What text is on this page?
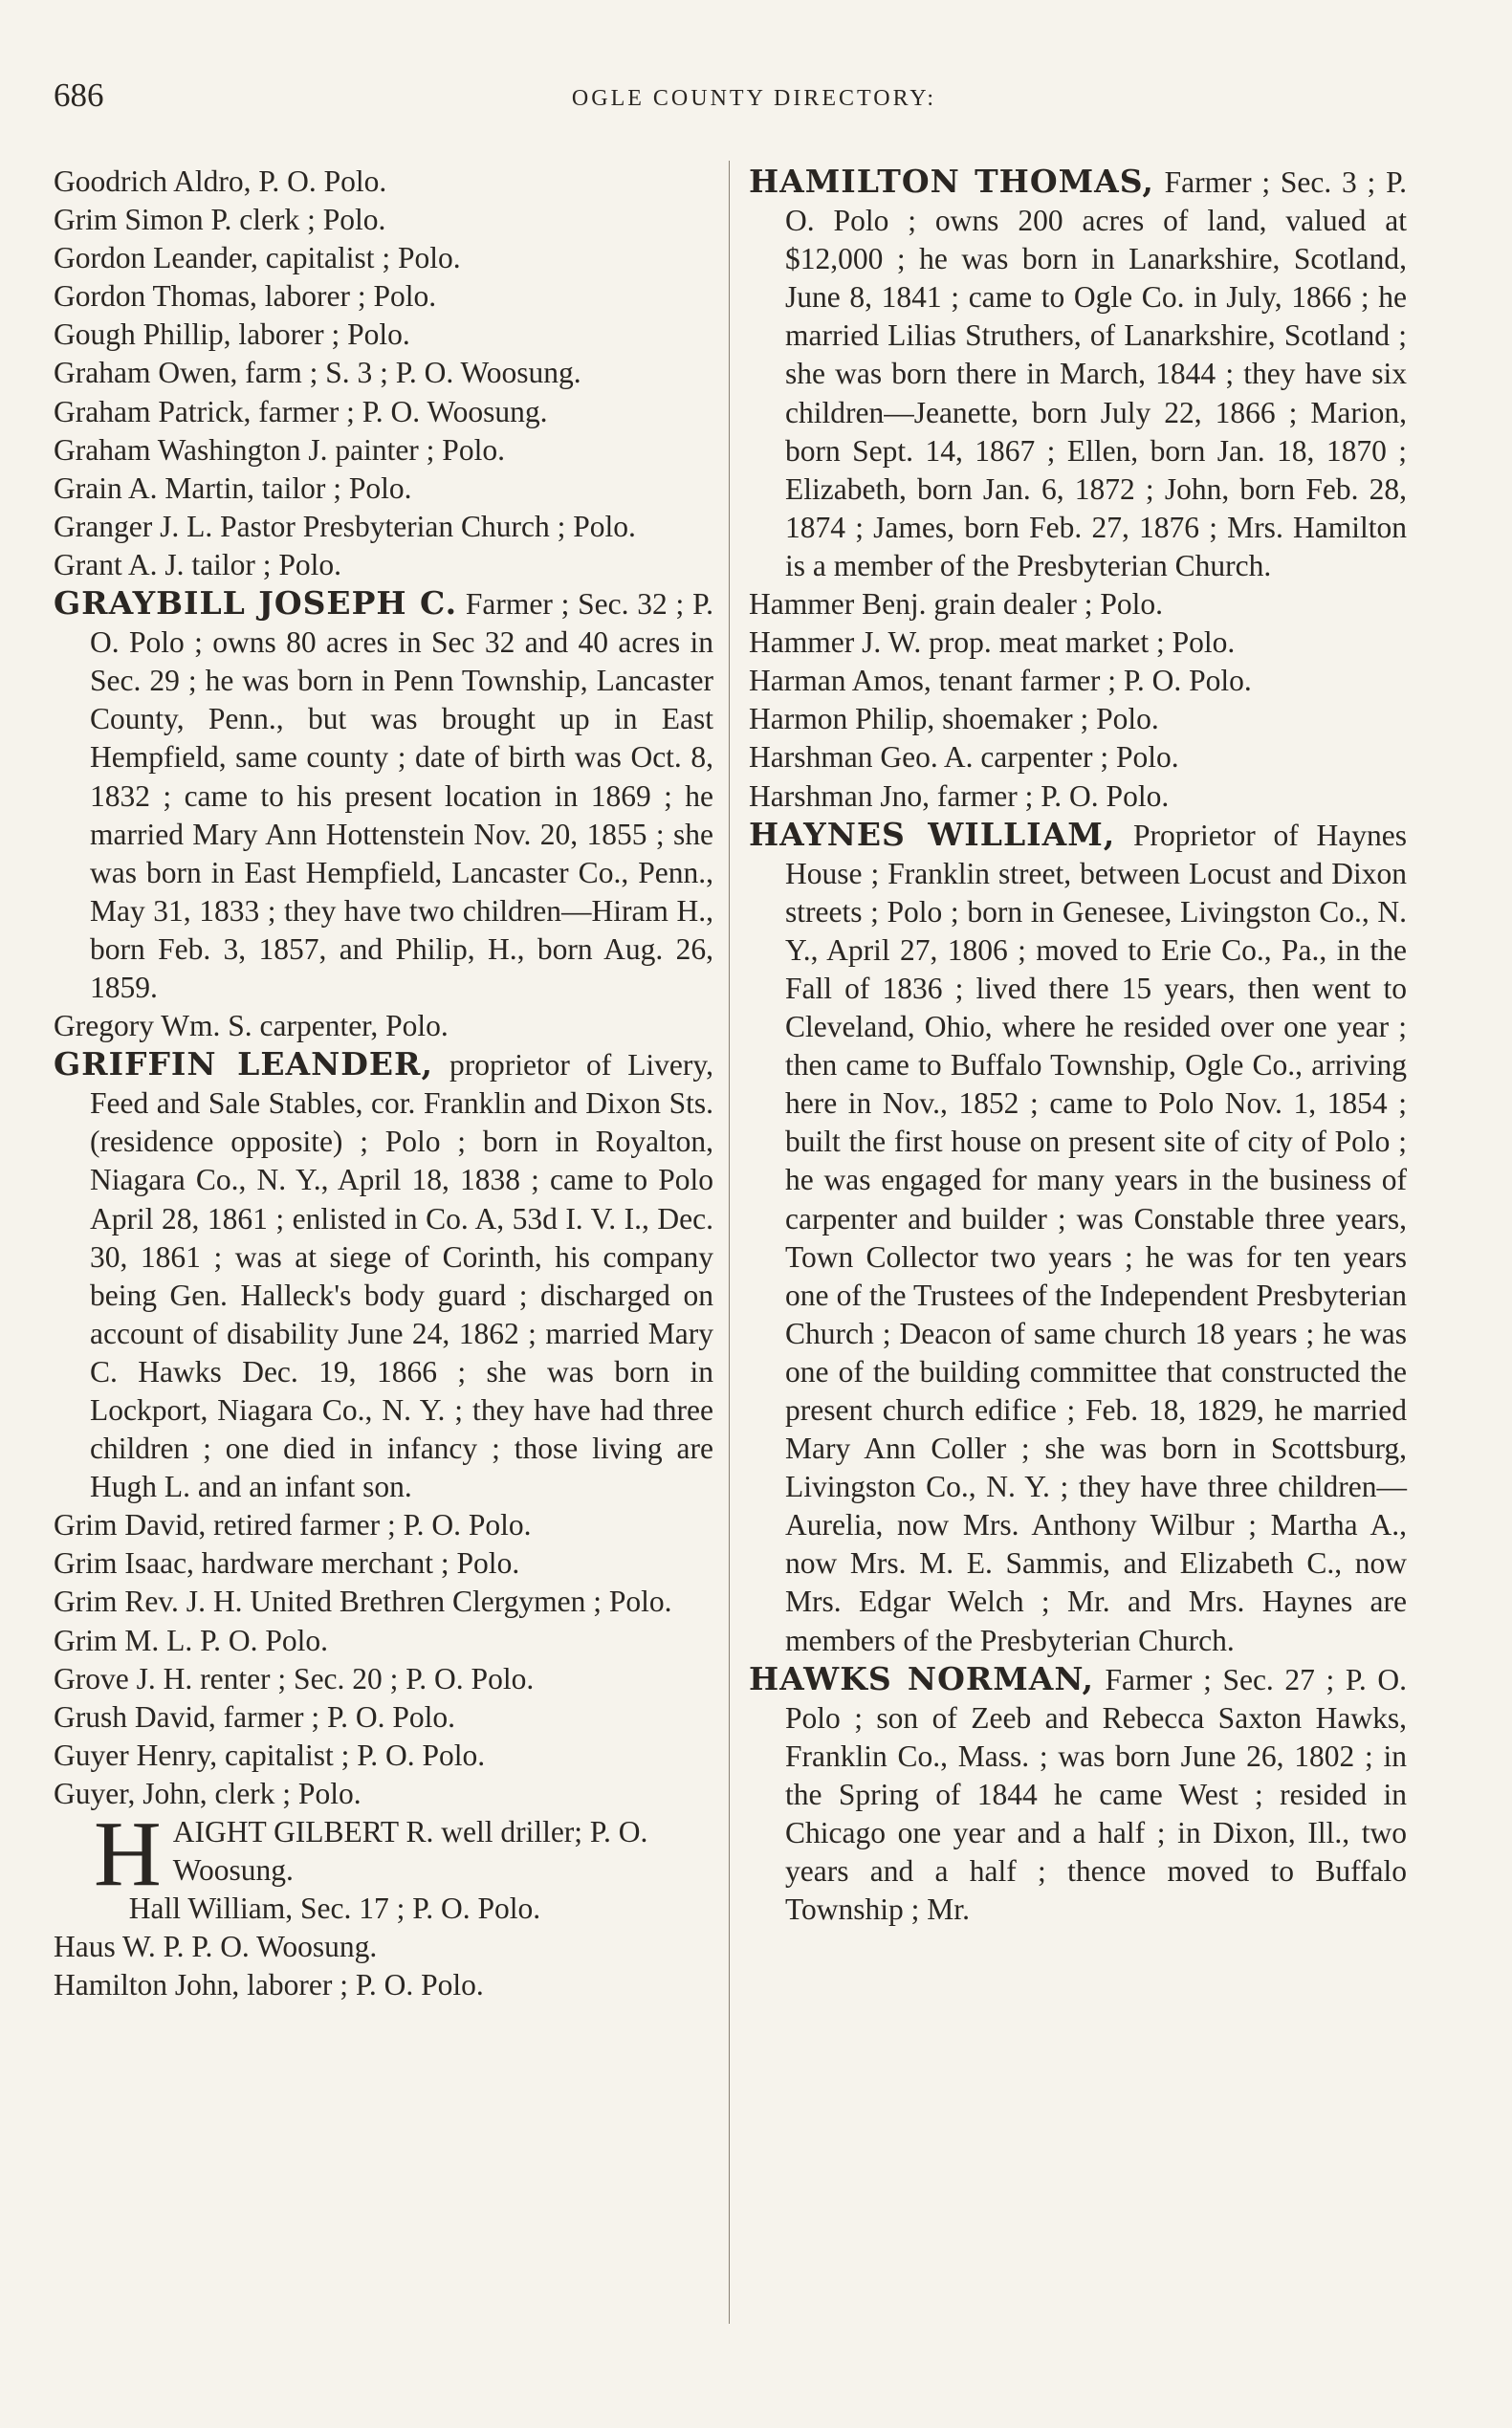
686	OGLE COUNTY DIRECTORY:

Goodrich Aldro, P. O. Polo.

Grim Simon P. clerk ; Polo.

Gordon Leander, capitalist ; Polo.

Gordon Thomas, laborer ; Polo.

Gough Phillip, laborer ; Polo.

Graham Owen, farm ; S. 3 ; P. O. Woosung.

Graham Patrick, farmer ; P. O. Woosung.

Graham Washington J. painter ; Polo.

Grain A. Martin, tailor ; Polo.

Granger J. L. Pastor Presbyterian Church ; Polo.

Grant A. J. tailor ; Polo.

GRAYBILL JOSEPH C. Farmer ; Sec. 32 ; P. O. Polo ; owns 80 acres in Sec 32 and 40 acres in Sec. 29 ; he was born in Penn Township, Lancaster County, Penn., but was brought up in East Hempfield, same county ; date of birth was Oct. 8, 1832 ; came to his present location in 1869 ; he married Mary Ann Hottenstein Nov. 20, 1855 ; she was born in East Hempfield, Lancaster Co., Penn., May 31, 1833 ; they have two children—Hiram H., born Feb. 3, 1857, and Philip, H., born Aug. 26, 1859.

Gregory Wm. S. carpenter, Polo.

GRIFFIN LEANDER, proprietor of Livery, Feed and Sale Stables, cor. Franklin and Dixon Sts. (residence opposite) ; Polo ; born in Royalton, Niagara Co., N. Y., April 18, 1838 ; came to Polo April 28, 1861 ; enlisted in Co. A, 53d I. V. I., Dec. 30, 1861 ; was at siege of Corinth, his company being Gen. Halleck's body guard ; discharged on account of disability June 24, 1862 ; married Mary C. Hawks Dec. 19, 1866 ; she was born in Lockport, Niagara Co., N. Y. ; they have had three children ; one died in infancy ; those living are Hugh L. and an infant son.

Grim David, retired farmer ; P. O. Polo.

Grim Isaac, hardware merchant ; Polo.

Grim Rev. J. H. United Brethren Clergymen ; Polo.

Grim M. L. P. O. Polo.

Grove J. H. renter ; Sec. 20 ; P. O. Polo.

Grush David, farmer ; P. O. Polo.

Guyer Henry, capitalist ; P. O. Polo.

Guyer, John, clerk ; Polo.

HAIGHT GILBERT R. well driller; P. O. Woosung.

Hall William, Sec. 17 ; P. O. Polo.

Haus W. P. P. O. Woosung.

Hamilton John, laborer ; P. O. Polo.

HAMILTON THOMAS, Farmer ; Sec. 3 ; P. O. Polo ; owns 200 acres of land, valued at $12,000 ; he was born in Lanarkshire, Scotland, June 8, 1841 ; came to Ogle Co. in July, 1866 ; he married Lilias Struthers, of Lanarkshire, Scotland ; she was born there in March, 1844 ; they have six children—Jeanette, born July 22, 1866 ; Marion, born Sept. 14, 1867 ; Ellen, born Jan. 18, 1870 ; Elizabeth, born Jan. 6, 1872 ; John, born Feb. 28, 1874 ; James, born Feb. 27, 1876 ; Mrs. Hamilton is a member of the Presbyterian Church.

Hammer Benj. grain dealer ; Polo.

Hammer J. W. prop. meat market ; Polo.

Harman Amos, tenant farmer ; P. O. Polo.

Harmon Philip, shoemaker ; Polo.

Harshman Geo. A. carpenter ; Polo.

Harshman Jno, farmer ; P. O. Polo.

HAYNES WILLIAM, Proprietor of Haynes House ; Franklin street, between Locust and Dixon streets ; Polo ; born in Genesee, Livingston Co., N. Y., April 27, 1806 ; moved to Erie Co., Pa., in the Fall of 1836 ; lived there 15 years, then went to Cleveland, Ohio, where he resided over one year ; then came to Buffalo Township, Ogle Co., arriving here in Nov., 1852 ; came to Polo Nov. 1, 1854 ; built the first house on present site of city of Polo ; he was engaged for many years in the business of carpenter and builder ; was Constable three years, Town Collector two years ; he was for ten years one of the Trustees of the Independent Presbyterian Church ; Deacon of same church 18 years ; he was one of the building committee that constructed the present church edifice ; Feb. 18, 1829, he married Mary Ann Coller ; she was born in Scottsburg, Livingston Co., N. Y. ; they have three children—Aurelia, now Mrs. Anthony Wilbur ; Martha A., now Mrs. M. E. Sammis, and Elizabeth C., now Mrs. Edgar Welch ; Mr. and Mrs. Haynes are members of the Presbyterian Church.

HAWKS NORMAN, Farmer ; Sec. 27 ; P. O. Polo ; son of Zeeb and Rebecca Saxton Hawks, Franklin Co., Mass. ; was born June 26, 1802 ; in the Spring of 1844 he came West ; resided in Chicago one year and a half ; in Dixon, Ill., two years and a half ; thence moved to Buffalo Township ; Mr.
